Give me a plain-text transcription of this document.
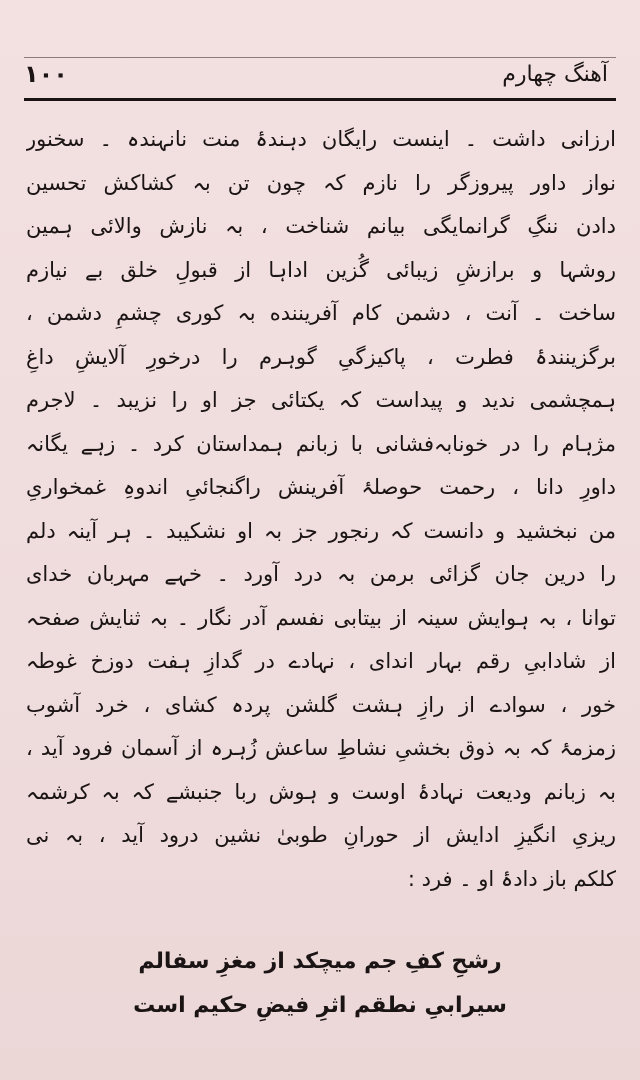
۱۰۰	آهنگ چهارم
ارزانی داشت ۔ اینست رایگان دہندۂ منت نانہندہ ۔ سخنور
نواز داور پیروزگر را نازم کہ چون تن بہ کشاکش تحسین
دادن ننگِ گرانمایگی بیانم شناخت ، بہ نازش والائی ہمین
روشہا و برازشِ زیبائی گُزین اداہا از قبولِ خلق بے نیازم
ساخت ۔ آنت ، دشمن کام آفریننده بہ کوری چشمِ دشمن ،
برگزینندۂ فطرت ، پاکیزگیِ گوہرم را درخورِ آلایشِ داغِ
ہمچشمی ندید و پیداست کہ یکتائی جز او را نزیبد ۔ لاجرم
مژہام را در خونابہ‌فشانی با زبانم ہمداستان کرد ۔ زہے یگانہ
داورِ دانا ، رحمت حوصلۂ آفرینش راگنجائیِ اندوہِ غمخواریِ
من نبخشید و دانست کہ رنجور جز بہ او نشکیبد ۔ ہر آینہ دلم
را درین جان گزائی برمن بہ درد آورد ۔ خہے مہربان خدای
توانا ، بہ ہوایش سینہ از بیتابی نفسم آدر نگار ۔ بہ ثنایش صفحہ
از شادابیِ رقم بہار اندای ، نہادے در گدازِ ہفت دوزخ غوطہ
خور ، سوادے از رازِ ہشت گلشن پردہ کشای ، خرد آشوب
زمزمۂ کہ بہ ذوق بخشیِ نشاطِ ساعش زُہرہ از آسمان فرود آید ،
بہ زبانم ودیعت نہادۂ اوست و ہوش ربا جنبشے کہ بہ کرشمہ
ریزیِ انگیزِ ادایش از حورانِ طوبیٰ نشین درود آید ، بہ نی
کلکم باز دادۂ او ۔ فرد :
رشحِ کفِ جم میچکد از مغزِ سفالم
سیرابیِ نطقم اثرِ فیضِ حکیم است
